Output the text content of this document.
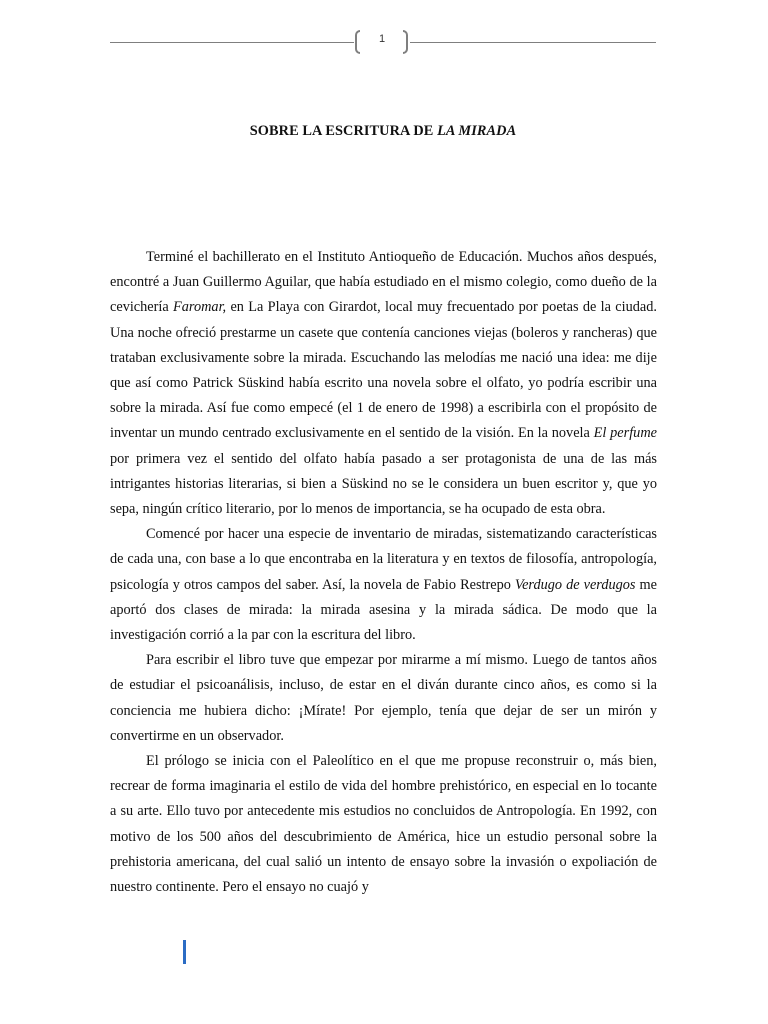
1
SOBRE LA ESCRITURA DE LA MIRADA

Terminé el bachillerato en el Instituto Antioqueño de Educación. Muchos años después, encontré a Juan Guillermo Aguilar, que había estudiado en el mismo colegio, como dueño de la cevichería Faromar, en La Playa con Girardot, local muy frecuentado por poetas de la ciudad. Una noche ofreció prestarme un casete que contenía canciones viejas (boleros y rancheras) que trataban exclusivamente sobre la mirada. Escuchando las melodías me nació una idea: me dije que así como Patrick Süskind había escrito una novela sobre el olfato, yo podría escribir una sobre la mirada. Así fue como empecé (el 1 de enero de 1998) a escribirla con el propósito de inventar un mundo centrado exclusivamente en el sentido de la visión. En la novela El perfume por primera vez el sentido del olfato había pasado a ser protagonista de una de las más intrigantes historias literarias, si bien a Süskind no se le considera un buen escritor y, que yo sepa, ningún crítico literario, por lo menos de importancia, se ha ocupado de esta obra.

Comencé por hacer una especie de inventario de miradas, sistematizando características de cada una, con base a lo que encontraba en la literatura y en textos de filosofía, antropología, psicología y otros campos del saber. Así, la novela de Fabio Restrepo Verdugo de verdugos me aportó dos clases de mirada: la mirada asesina y la mirada sádica. De modo que la investigación corrió a la par con la escritura del libro.

Para escribir el libro tuve que empezar por mirarme a mí mismo. Luego de tantos años de estudiar el psicoanálisis, incluso, de estar en el diván durante cinco años, es como si la conciencia me hubiera dicho: ¡Mírate! Por ejemplo, tenía que dejar de ser un mirón y convertirme en un observador.

El prólogo se inicia con el Paleolítico en el que me propuse reconstruir o, más bien, recrear de forma imaginaria el estilo de vida del hombre prehistórico, en especial en lo tocante a su arte. Ello tuvo por antecedente mis estudios no concluidos de Antropología. En 1992, con motivo de los 500 años del descubrimiento de América, hice un estudio personal sobre la prehistoria americana, del cual salió un intento de ensayo sobre la invasión o expoliación de nuestro continente. Pero el ensayo no cuajó y
